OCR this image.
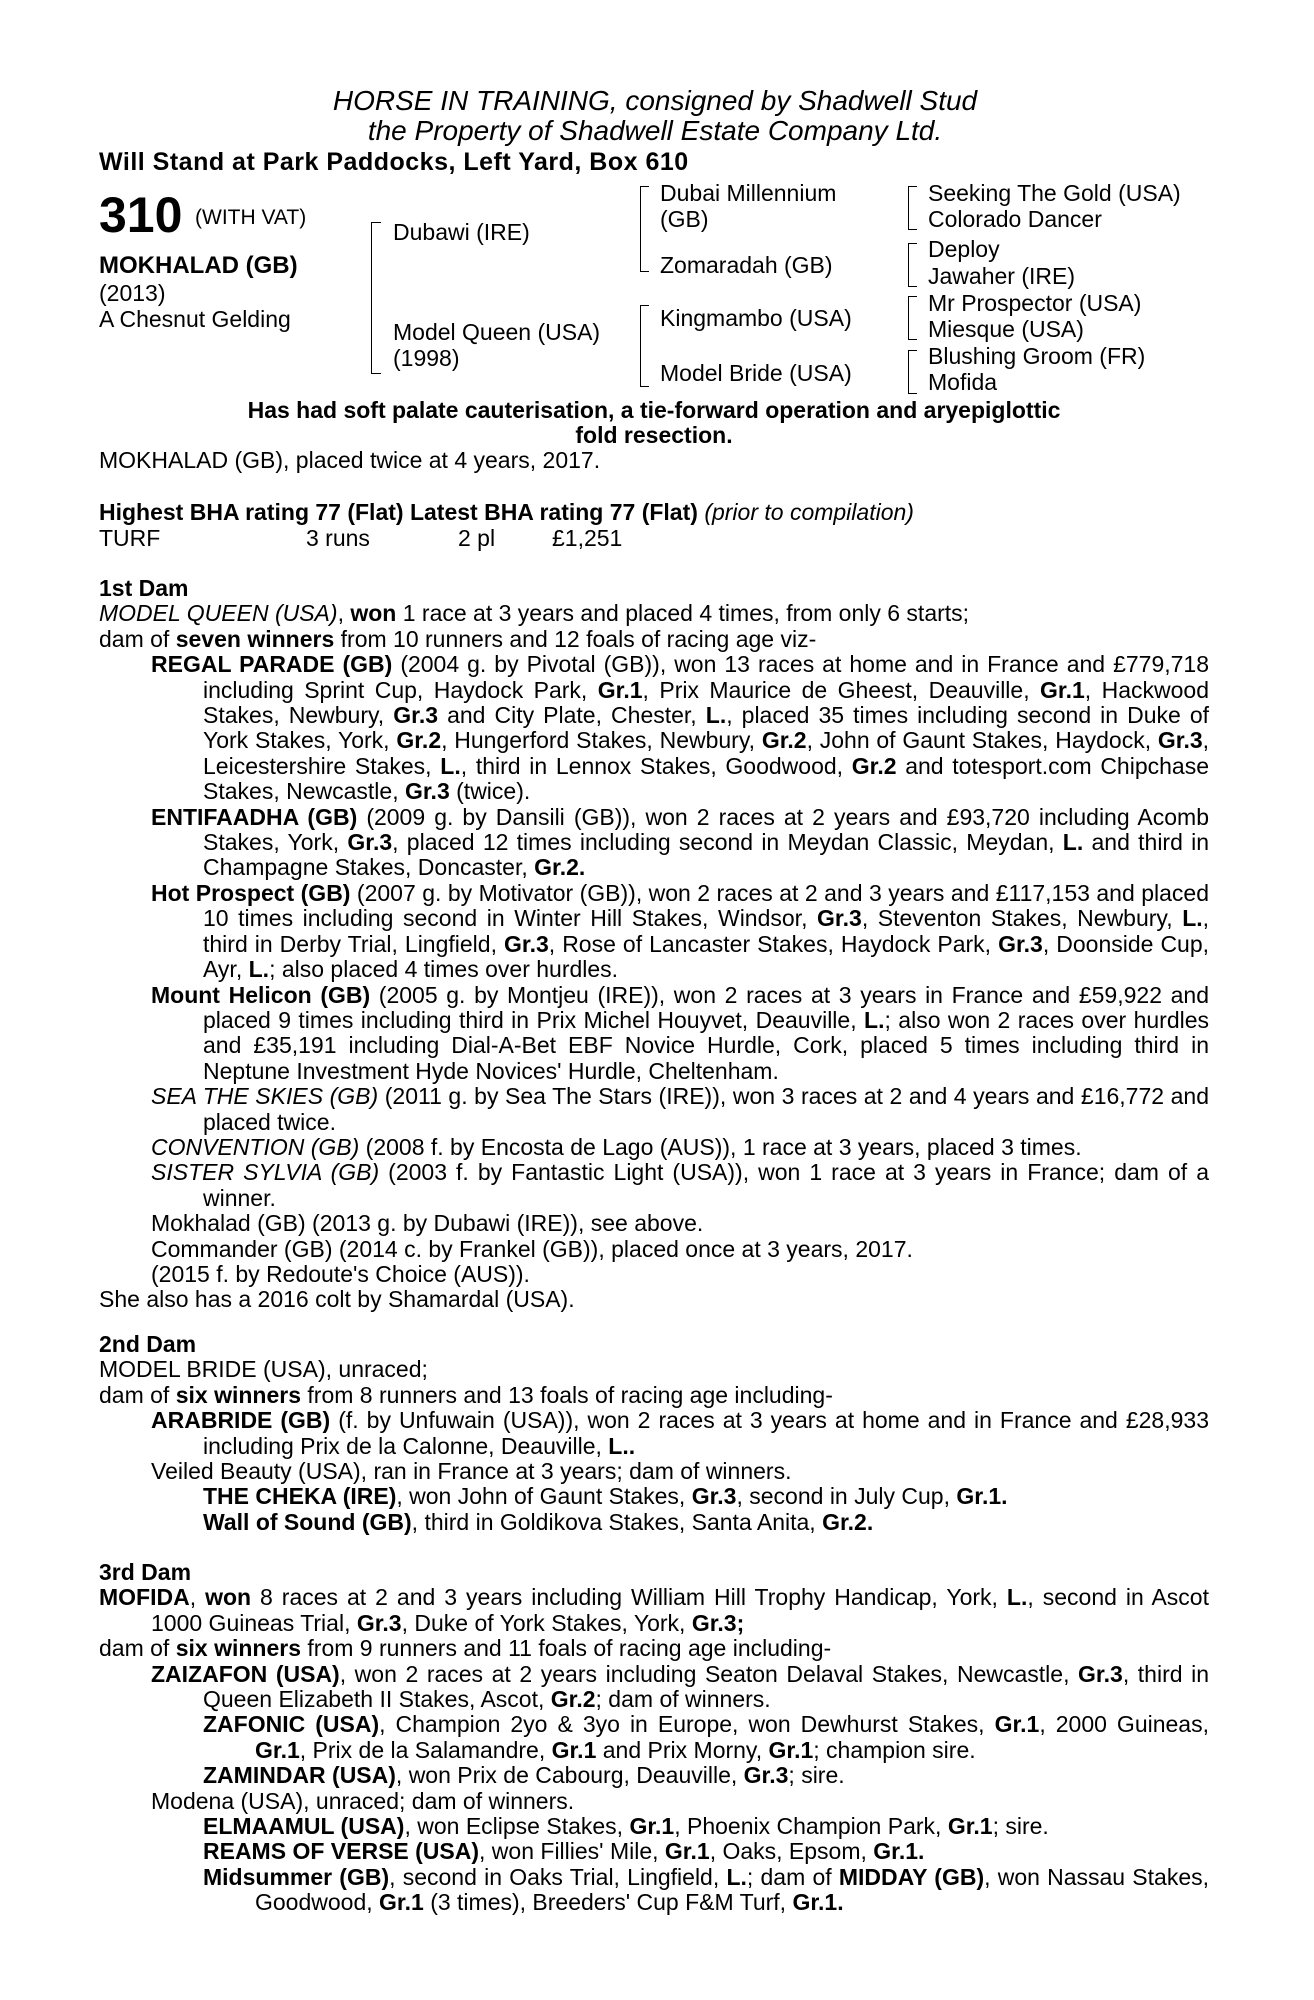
HORSE IN TRAINING, consigned by Shadwell Stud
the Property of Shadwell Estate Company Ltd.
Will Stand at Park Paddocks, Left Yard, Box 610
310 (WITH VAT)
MOKHALAD (GB)
(2013)
A Chesnut Gelding
Dubawi (IRE)
Model Queen (USA)
(1998)
Dubai Millennium
(GB)
Zomaradah (GB)
Kingmambo (USA)
Model Bride (USA)
Seeking The Gold (USA)
Colorado Dancer
Deploy
Jawaher (IRE)
Mr Prospector (USA)
Miesque (USA)
Blushing Groom (FR)
Mofida
Has had soft palate cauterisation, a tie-forward operation and aryepiglottic
fold resection.
MOKHALAD (GB), placed twice at 4 years, 2017.
Highest BHA rating 77 (Flat) Latest BHA rating 77 (Flat) (prior to compilation)
TURF	3 runs	2 pl £1,251
1st Dam
MODEL QUEEN (USA), won 1 race at 3 years and placed 4 times, from only 6 starts;
dam of seven winners from 10 runners and 12 foals of racing age viz-
REGAL PARADE (GB) (2004 g. by Pivotal (GB)), won 13 races at home and in France and £779,718 including Sprint Cup, Haydock Park, Gr.1, Prix Maurice de Gheest, Deauville, Gr.1, Hackwood Stakes, Newbury, Gr.3 and City Plate, Chester, L., placed 35 times including second in Duke of York Stakes, York, Gr.2, Hungerford Stakes, Newbury, Gr.2, John of Gaunt Stakes, Haydock, Gr.3, Leicestershire Stakes, L., third in Lennox Stakes, Goodwood, Gr.2 and totesport.com Chipchase Stakes, Newcastle, Gr.3 (twice).
ENTIFAADHA (GB) (2009 g. by Dansili (GB)), won 2 races at 2 years and £93,720 including Acomb Stakes, York, Gr.3, placed 12 times including second in Meydan Classic, Meydan, L. and third in Champagne Stakes, Doncaster, Gr.2.
Hot Prospect (GB) (2007 g. by Motivator (GB)), won 2 races at 2 and 3 years and £117,153 and placed 10 times including second in Winter Hill Stakes, Windsor, Gr.3, Steventon Stakes, Newbury, L., third in Derby Trial, Lingfield, Gr.3, Rose of Lancaster Stakes, Haydock Park, Gr.3, Doonside Cup, Ayr, L.; also placed 4 times over hurdles.
Mount Helicon (GB) (2005 g. by Montjeu (IRE)), won 2 races at 3 years in France and £59,922 and placed 9 times including third in Prix Michel Houyvet, Deauville, L.; also won 2 races over hurdles and £35,191 including Dial-A-Bet EBF Novice Hurdle, Cork, placed 5 times including third in Neptune Investment Hyde Novices' Hurdle, Cheltenham.
SEA THE SKIES (GB) (2011 g. by Sea The Stars (IRE)), won 3 races at 2 and 4 years and £16,772 and placed twice.
CONVENTION (GB) (2008 f. by Encosta de Lago (AUS)), 1 race at 3 years, placed 3 times.
SISTER SYLVIA (GB) (2003 f. by Fantastic Light (USA)), won 1 race at 3 years in France; dam of a winner.
Mokhalad (GB) (2013 g. by Dubawi (IRE)), see above.
Commander (GB) (2014 c. by Frankel (GB)), placed once at 3 years, 2017.
(2015 f. by Redoute's Choice (AUS)).
She also has a 2016 colt by Shamardal (USA).
2nd Dam
MODEL BRIDE (USA), unraced;
dam of six winners from 8 runners and 13 foals of racing age including-
ARABRIDE (GB) (f. by Unfuwain (USA)), won 2 races at 3 years at home and in France and £28,933 including Prix de la Calonne, Deauville, L..
Veiled Beauty (USA), ran in France at 3 years; dam of winners.
THE CHEKA (IRE), won John of Gaunt Stakes, Gr.3, second in July Cup, Gr.1.
Wall of Sound (GB), third in Goldikova Stakes, Santa Anita, Gr.2.
3rd Dam
MOFIDA, won 8 races at 2 and 3 years including William Hill Trophy Handicap, York, L., second in Ascot 1000 Guineas Trial, Gr.3, Duke of York Stakes, York, Gr.3;
dam of six winners from 9 runners and 11 foals of racing age including-
ZAIZAFON (USA), won 2 races at 2 years including Seaton Delaval Stakes, Newcastle, Gr.3, third in Queen Elizabeth II Stakes, Ascot, Gr.2; dam of winners.
ZAFONIC (USA), Champion 2yo & 3yo in Europe, won Dewhurst Stakes, Gr.1, 2000 Guineas, Gr.1, Prix de la Salamandre, Gr.1 and Prix Morny, Gr.1; champion sire.
ZAMINDAR (USA), won Prix de Cabourg, Deauville, Gr.3; sire.
Modena (USA), unraced; dam of winners.
ELMAAMUL (USA), won Eclipse Stakes, Gr.1, Phoenix Champion Park, Gr.1; sire.
REAMS OF VERSE (USA), won Fillies' Mile, Gr.1, Oaks, Epsom, Gr.1.
Midsummer (GB), second in Oaks Trial, Lingfield, L.; dam of MIDDAY (GB), won Nassau Stakes, Goodwood, Gr.1 (3 times), Breeders' Cup F&M Turf, Gr.1.
